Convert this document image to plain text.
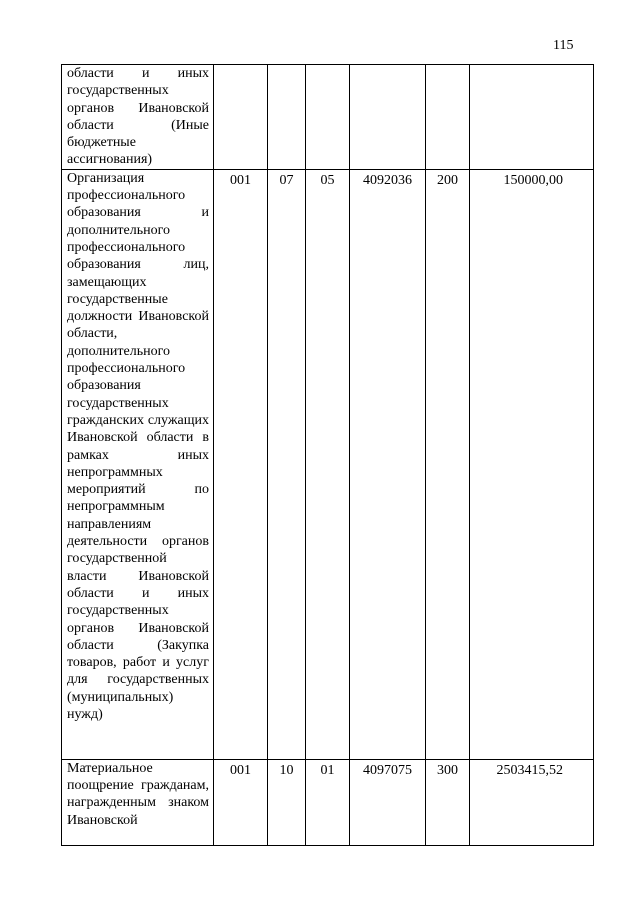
115
области и иных государственных органов Ивановской области (Иные бюджетные ассигнования)						

Организация профессионального образования и дополнительного профессионального образования лиц, замещающих государственные должности Ивановской области, дополнительного профессионального образования государственных гражданских служащих Ивановской области в рамках иных непрограммных мероприятий по непрограммным направлениям деятельности органов государственной власти Ивановской области и иных государственных органов Ивановской области (Закупка товаров, работ и услуг для государственных (муниципальных) нужд)	001	07	05	4092036	200	150000,00

Материальное поощрение гражданам, награжденным знаком Ивановской	001	10	01	4097075	300	2503415,52
